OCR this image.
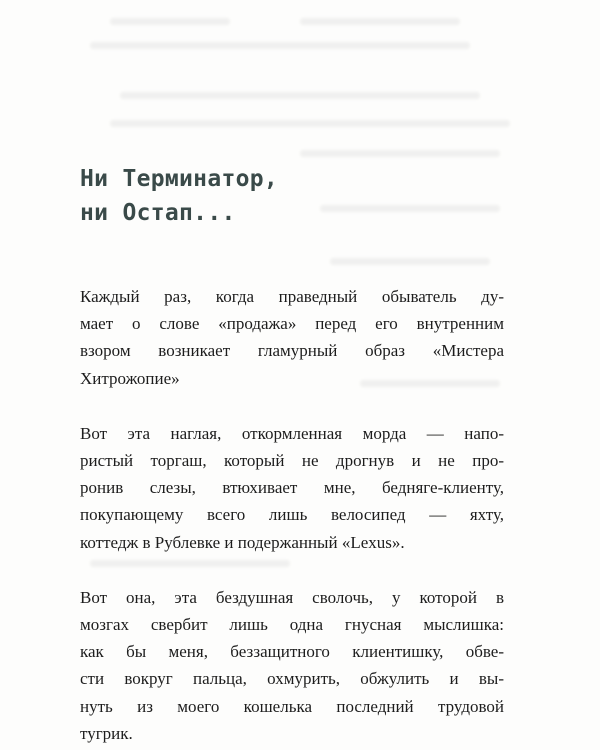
Ни Терминатор,
ни Остап...

Каждый раз, когда праведный обыватель ду-
мает о слове «продажа» перед его внутренним
взором возникает гламурный образ «Мистера
Хитрожопие»

Вот эта наглая, откормленная морда — напо-
ристый торгаш, который не дрогнув и не про-
ронив слезы, втюхивает мне, бедняге-клиенту,
покупающему всего лишь велосипед — яхту,
коттедж в Рублевке и подержанный «Lexus».

Вот она, эта бездушная сволочь, у которой в
мозгах свербит лишь одна гнусная мыслишка:
как бы меня, беззащитного клиентишку, обве-
сти вокруг пальца, охмурить, обжулить и вы-
нуть из моего кошелька последний трудовой
тугрик.
